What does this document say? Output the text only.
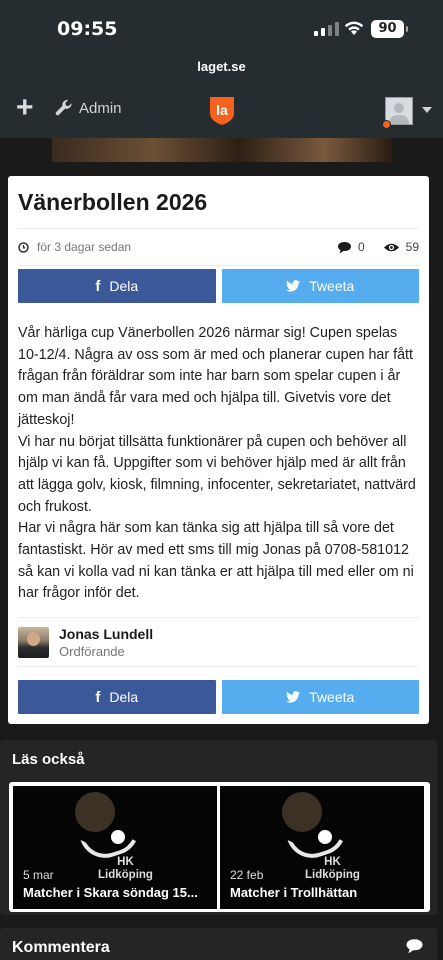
09:55	90
laget.se
+	Admin	la
Vänerbollen 2026
för 3 dagar sedan	0	59
f Dela	Tweeta

Vår härliga cup Vänerbollen 2026 närmar sig! Cupen spelas 10-12/4. Några av oss som är med och planerar cupen har fått frågan från föräldrar som inte har barn som spelar cupen i år om man ändå får vara med och hjälpa till. Givetvis vore det jätteskoj!

Vi har nu börjat tillsätta funktionärer på cupen och behöver all hjälp vi kan få. Uppgifter som vi behöver hjälp med är allt från att lägga golv, kiosk, filmning, infocenter, sekretariatet, nattvärd och frukost.

Har vi några här som kan tänka sig att hjälpa till så vore det fantastiskt. Hör av med ett sms till mig Jonas på 0708-581012 så kan vi kolla vad ni kan tänka er att hjälpa till med eller om ni har frågor inför det.

Jonas Lundell
Ordförande
f Dela	Tweeta
Läs också
HK
Lidköping
5 mar
Matcher i Skara söndag 15...
HK
Lidköping
22 feb
Matcher i Trollhättan
Kommentera
